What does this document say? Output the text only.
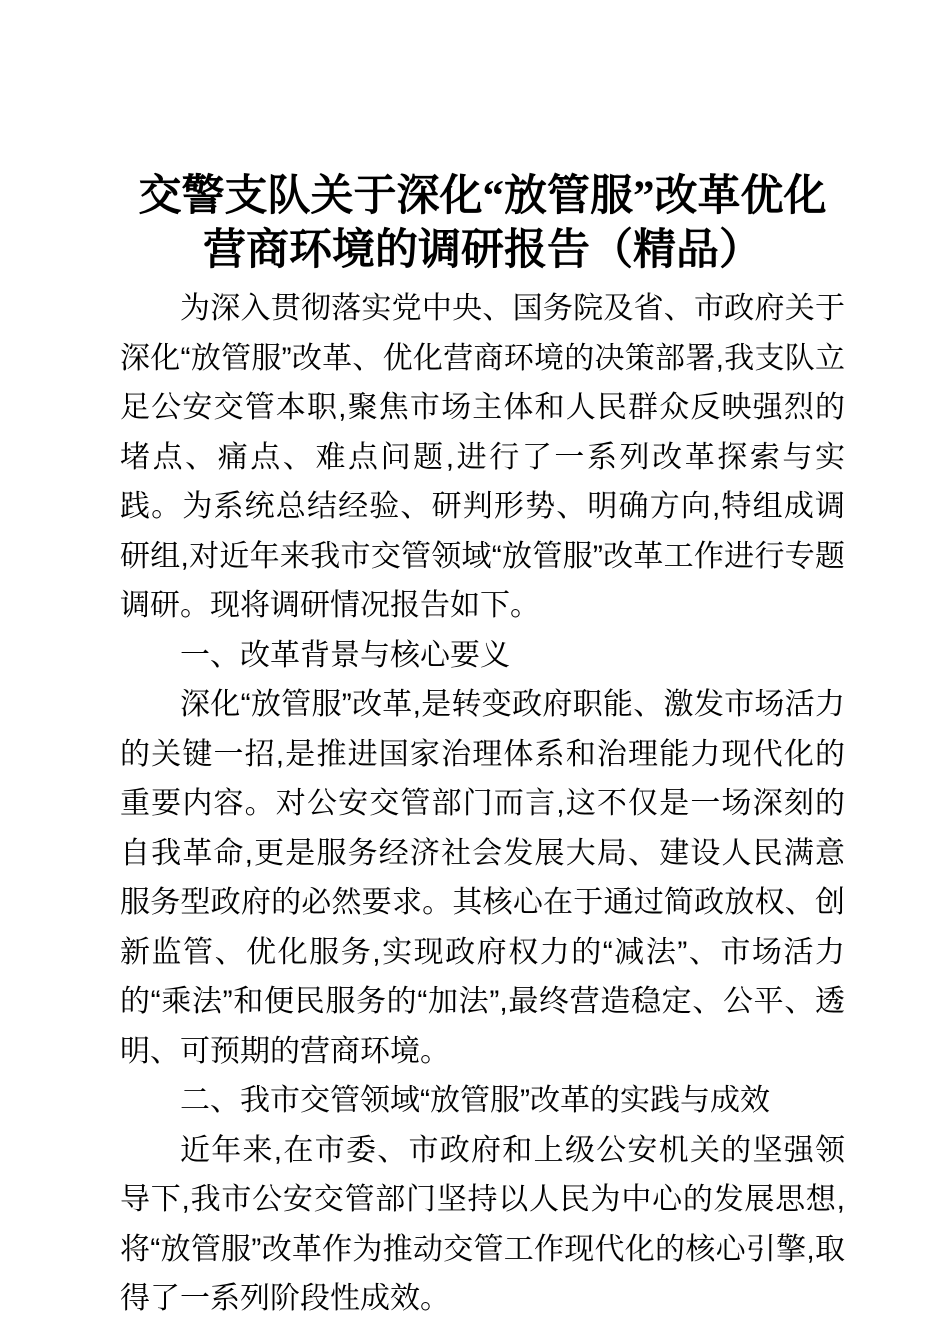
交警支队关于深化“放管服”改革优化营商环境的调研报告（精品）

为深入贯彻落实党中央、国务院及省、市政府关于深化“放管服”改革、优化营商环境的决策部署,我支队立足公安交管本职,聚焦市场主体和人民群众反映强烈的堵点、痛点、难点问题,进行了一系列改革探索与实践。为系统总结经验、研判形势、明确方向,特组成调研组,对近年来我市交管领域“放管服”改革工作进行专题调研。现将调研情况报告如下。

一、改革背景与核心要义

深化“放管服”改革,是转变政府职能、激发市场活力的关键一招,是推进国家治理体系和治理能力现代化的重要内容。对公安交管部门而言,这不仅是一场深刻的自我革命,更是服务经济社会发展大局、建设人民满意服务型政府的必然要求。其核心在于通过简政放权、创新监管、优化服务,实现政府权力的“减法”、市场活力的“乘法”和便民服务的“加法”,最终营造稳定、公平、透明、可预期的营商环境。

二、我市交管领域“放管服”改革的实践与成效

近年来,在市委、市政府和上级公安机关的坚强领导下,我市公安交管部门坚持以人民为中心的发展思想,将“放管服”改革作为推动交管工作现代化的核心引擎,取得了一系列阶段性成效。
